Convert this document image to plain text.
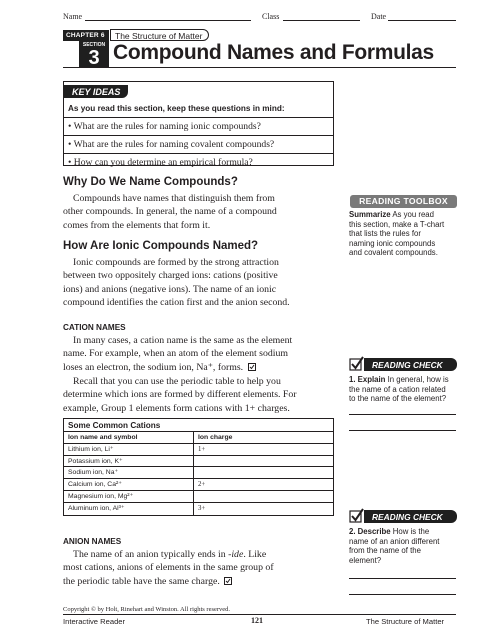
Name	Class	Date
CHAPTER 6	The Structure of Matter
SECTION
3 Compound Names and Formulas
KEY IDEAS
As you read this section, keep these questions in mind:
• What are the rules for naming ionic compounds?
• What are the rules for naming covalent compounds?
• How can you determine an empirical formula?
Why Do We Name Compounds?
Compounds have names that distinguish them from
other compounds. In general, the name of a compound
comes from the elements that form it.
How Are Ionic Compounds Named?
Ionic compounds are formed by the strong attraction
between two oppositely charged ions: cations (positive
ions) and anions (negative ions). The name of an ionic
compound identifies the cation first and the anion second.
CATION NAMES
In many cases, a cation name is the same as the element
name. For example, when an atom of the element sodium
loses an electron, the sodium ion, Na⁺, forms.
Recall that you can use the periodic table to help you
determine which ions are formed by different elements. For
example, Group 1 elements form cations with 1+ charges.
Some Common Cations
Ion name and symbol	Ion charge
Lithium ion, Li⁺	1+
Potassium ion, K⁺
Sodium ion, Na⁺
Calcium ion, Ca²⁺	2+
Magnesium ion, Mg²⁺
Aluminum ion, Al³⁺	3+
ANION NAMES
The name of an anion typically ends in -ide. Like
most cations, anions of elements in the same group of
the periodic table have the same charge.
READING TOOLBOX
Summarize As you read
this section, make a T-chart
that lists the rules for
naming ionic compounds
and covalent compounds.
READING CHECK
1. Explain In general, how is
the name of a cation related
to the name of the element?
READING CHECK
2. Describe How is the
name of an anion different
from the name of the
element?
Copyright © by Holt, Rinehart and Winston. All rights reserved.
Interactive Reader	121	The Structure of Matter
